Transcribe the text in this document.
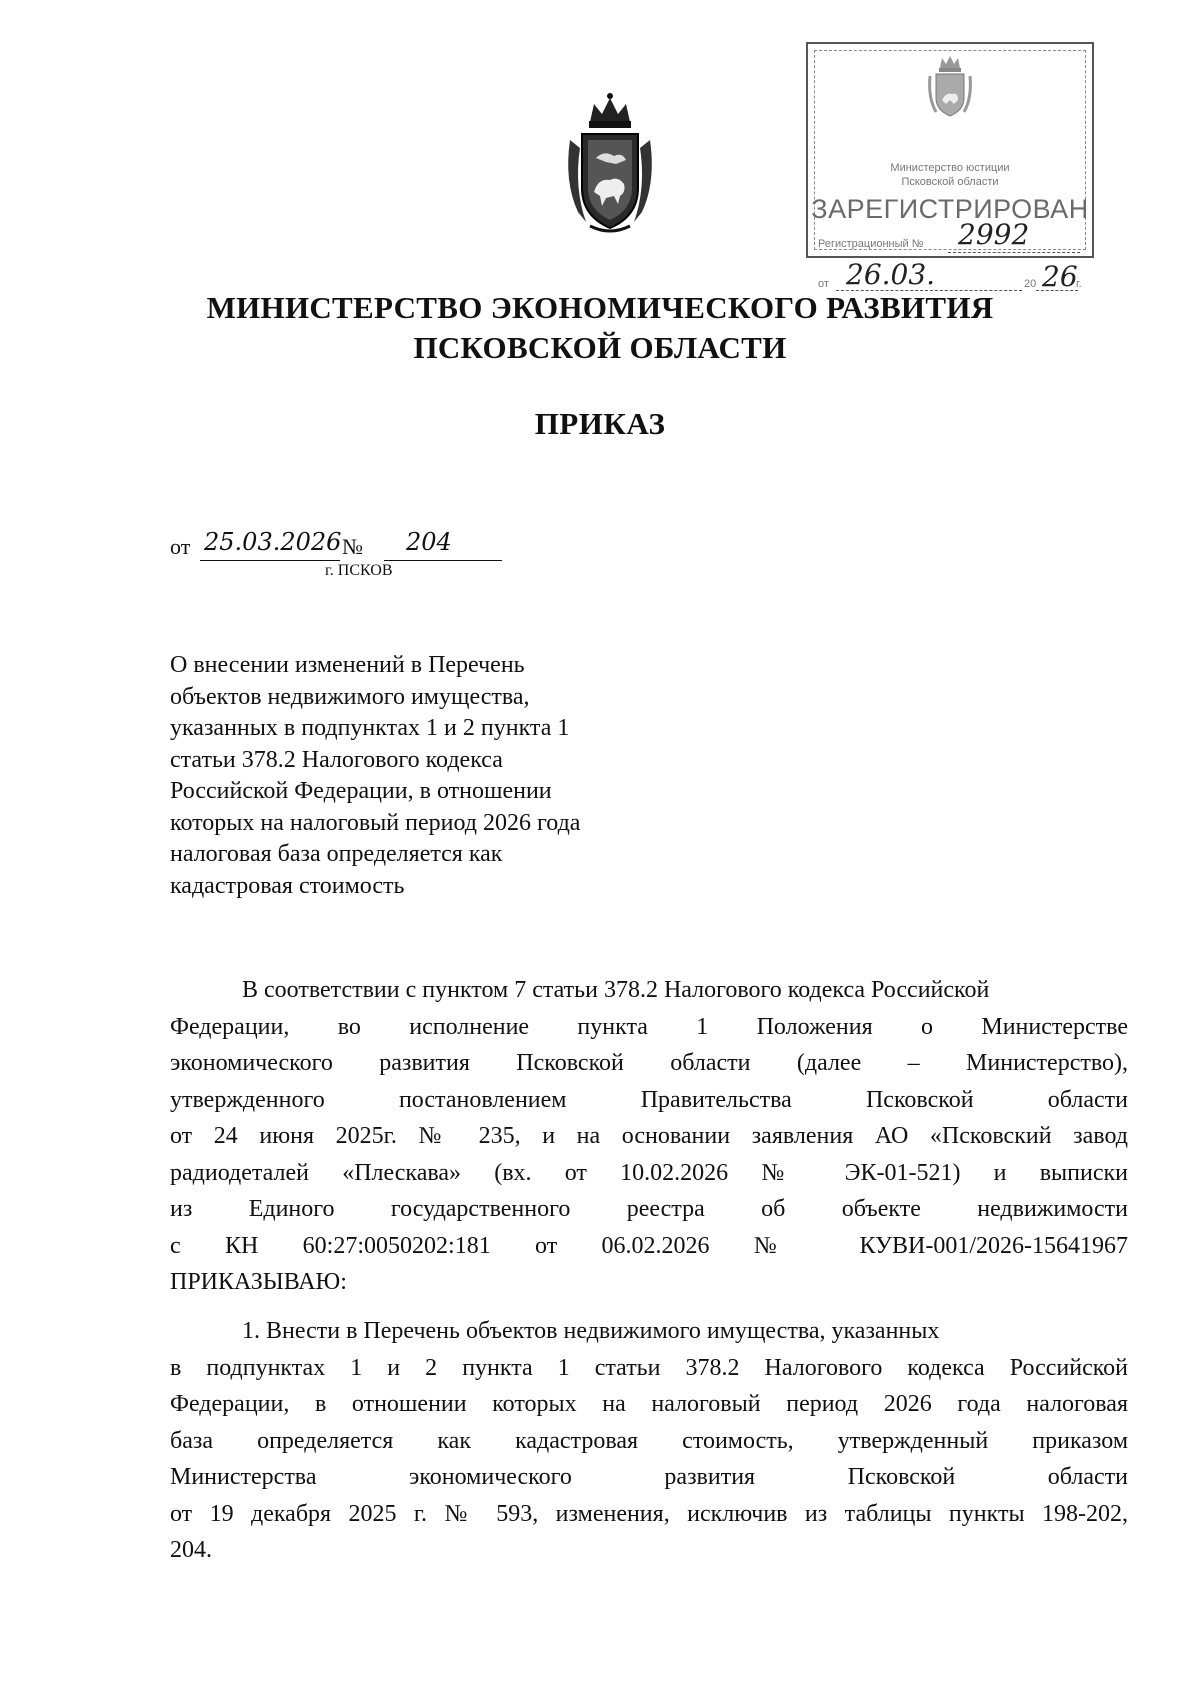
Министерство юстиции
Псковской области
ЗАРЕГИСТРИРОВАН
Регистрационный № 2992
от 26.03.	20 26
г.
МИНИСТЕРСТВО ЭКОНОМИЧЕСКОГО РАЗВИТИЯ
ПСКОВСКОЙ ОБЛАСТИ
ПРИКАЗ
от 25.03.2026 № 204
г. ПСКОВ
О внесении изменений в Перечень
объектов недвижимого имущества,
указанных в подпунктах 1 и 2 пункта 1
статьи 378.2 Налогового кодекса
Российской Федерации, в отношении
которых на налоговый период 2026 года
налоговая база определяется как
кадастровая стоимость
В соответствии с пунктом 7 статьи 378.2 Налогового кодекса Российской
Федерации, во исполнение пункта 1 Положения о Министерстве
экономического развития Псковской области (далее – Министерство),
утвержденного постановлением Правительства Псковской области
от 24 июня 2025г. № 235, и на основании заявления АО «Псковский завод
радиодеталей «Плескава» (вх. от 10.02.2026 № ЭК-01-521) и выписки
из Единого государственного реестра об объекте недвижимости
с КН 60:27:0050202:181 от 06.02.2026 № КУВИ-001/2026-15641967
ПРИКАЗЫВАЮ:
1. Внести в Перечень объектов недвижимого имущества, указанных
в подпунктах 1 и 2 пункта 1 статьи 378.2 Налогового кодекса Российской
Федерации, в отношении которых на налоговый период 2026 года налоговая
база определяется как кадастровая стоимость, утвержденный приказом
Министерства экономического развития Псковской области
от 19 декабря 2025 г. № 593, изменения, исключив из таблицы пункты 198-202,
204.
